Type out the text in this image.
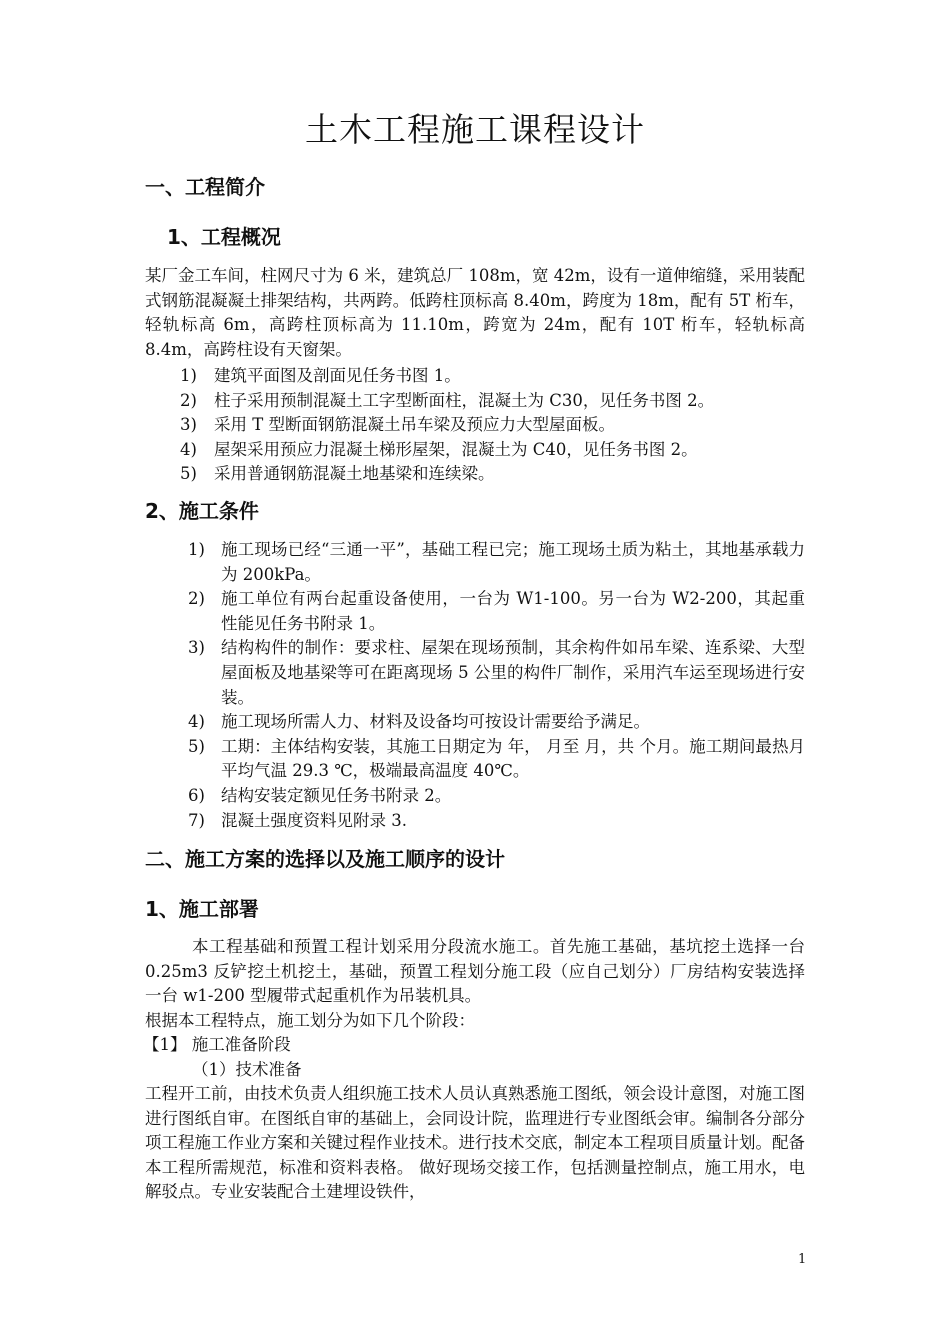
土木工程施工课程设计
一、工程简介
1、工程概况

某厂金工车间，柱网尺寸为 6 米，建筑总厂 108m，宽 42m，设有一道伸缩缝，采用装配式钢筋混凝凝土排架结构，共两跨。低跨柱顶标高 8.40m，跨度为 18m，配有 5T 桁车，轻轨标高 6m，高跨柱顶标高为 11.10m，跨宽为 24m，配有 10T 桁车，轻轨标高 8.4m，高跨柱设有天窗架。

1)	建筑平面图及剖面见任务书图 1。
2)	柱子采用预制混凝土工字型断面柱，混凝土为 C30，见任务书图 2。
3)	采用 T 型断面钢筋混凝土吊车梁及预应力大型屋面板。
4)	屋架采用预应力混凝土梯形屋架，混凝土为 C40，见任务书图 2。
5)	采用普通钢筋混凝土地基梁和连续梁。
2、施工条件
1) 施工现场已经“三通一平”，基础工程已完；施工现场土质为粘土，其地基承载力为 200kPa。
2) 施工单位有两台起重设备使用，一台为 W1-100。另一台为 W2-200，其起重性能见任务书附录 1。
3) 结构构件的制作：要求柱、屋架在现场预制，其余构件如吊车梁、连系梁、大型屋面板及地基梁等可在距离现场 5 公里的构件厂制作，采用汽车运至现场进行安装。
4) 施工现场所需人力、材料及设备均可按设计需要给予满足。
5) 工期：主体结构安装，其施工日期定为 年， 月至 月，共 个月。施工期间最热月平均气温 29.3 ℃，极端最高温度 40℃。
6) 结构安装定额见任务书附录 2。
7) 混凝土强度资料见附录 3.
二、施工方案的选择以及施工顺序的设计
1、施工部署

本工程基础和预置工程计划采用分段流水施工。首先施工基础，基坑挖土选择一台 0.25m3 反铲挖土机挖土，基础，预置工程划分施工段（应自己划分）厂房结构安装选择一台 w1-200 型履带式起重机作为吊装机具。

根据本工程特点，施工划分为如下几个阶段：

【1】 施工准备阶段

（1）技术准备

工程开工前，由技术负责人组织施工技术人员认真熟悉施工图纸，领会设计意图，对施工图进行图纸自审。在图纸自审的基础上，会同设计院，监理进行专业图纸会审。编制各分部分项工程施工作业方案和关键过程作业技术。进行技术交底，制定本工程项目质量计划。配备本工程所需规范，标准和资料表格。 做好现场交接工作，包括测量控制点，施工用水，电解驳点。专业安装配合土建埋设铁件，

1
